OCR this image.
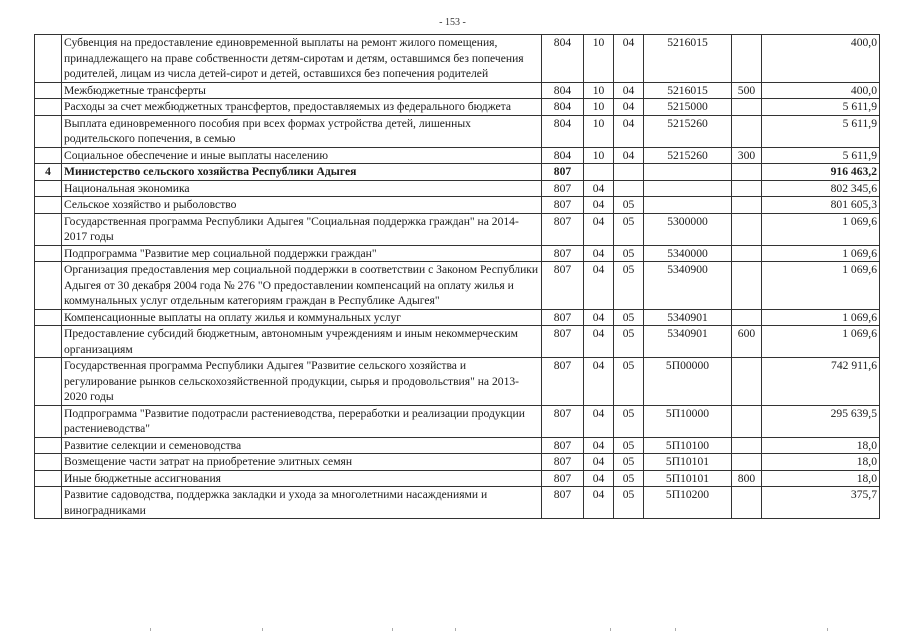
- 153 -
	Субвенция на предоставление единовременной выплаты на ремонт жилого помещения, принадлежащего на праве собственности детям-сиротам и детям, оставшимся без попечения родителей, лицам из числа детей-сирот и детей, оставшихся без попечения родителей	804	10	04	5216015		400,0
	Межбюджетные трансферты	804	10	04	5216015	500	400,0
	Расходы за счет межбюджетных трансфертов, предоставляемых из федерального бюджета	804	10	04	5215000		5 611,9
	Выплата единовременного пособия при всех формах устройства детей, лишенных родительского попечения, в семью	804	10	04	5215260		5 611,9
	Социальное обеспечение и иные выплаты населению	804	10	04	5215260	300	5 611,9
4	Министерство сельского хозяйства Республики Адыгея	807					916 463,2
	Национальная экономика	807	04				802 345,6
	Сельское хозяйство и рыболовство	807	04	05			801 605,3
	Государственная программа Республики Адыгея "Социальная поддержка граждан" на 2014-2017 годы	807	04	05	5300000		1 069,6
	Подпрограмма "Развитие мер социальной поддержки граждан"	807	04	05	5340000		1 069,6
	Организация предоставления мер социальной поддержки в соответствии с Законом Республики Адыгея от 30 декабря 2004 года № 276 "О предоставлении компенсаций на оплату жилья и коммунальных услуг отдельным категориям граждан в Республике Адыгея"	807	04	05	5340900		1 069,6
	Компенсационные выплаты на оплату жилья и коммунальных услуг	807	04	05	5340901		1 069,6
	Предоставление субсидий бюджетным, автономным учреждениям и иным некоммерческим организациям	807	04	05	5340901	600	1 069,6
	Государственная программа Республики Адыгея "Развитие сельского хозяйства и регулирование рынков сельскохозяйственной продукции, сырья и продовольствия" на 2013-2020 годы	807	04	05	5П00000		742 911,6
	Подпрограмма "Развитие подотрасли растениеводства, переработки и реализации продукции растениеводства"	807	04	05	5П10000		295 639,5
	Развитие селекции и семеноводства	807	04	05	5П10100		18,0
	Возмещение части затрат на приобретение элитных семян	807	04	05	5П10101		18,0
	Иные бюджетные ассигнования	807	04	05	5П10101	800	18,0
	Развитие садоводства, поддержка закладки и ухода за многолетними насаждениями и виноградниками	807	04	05	5П10200		375,7
